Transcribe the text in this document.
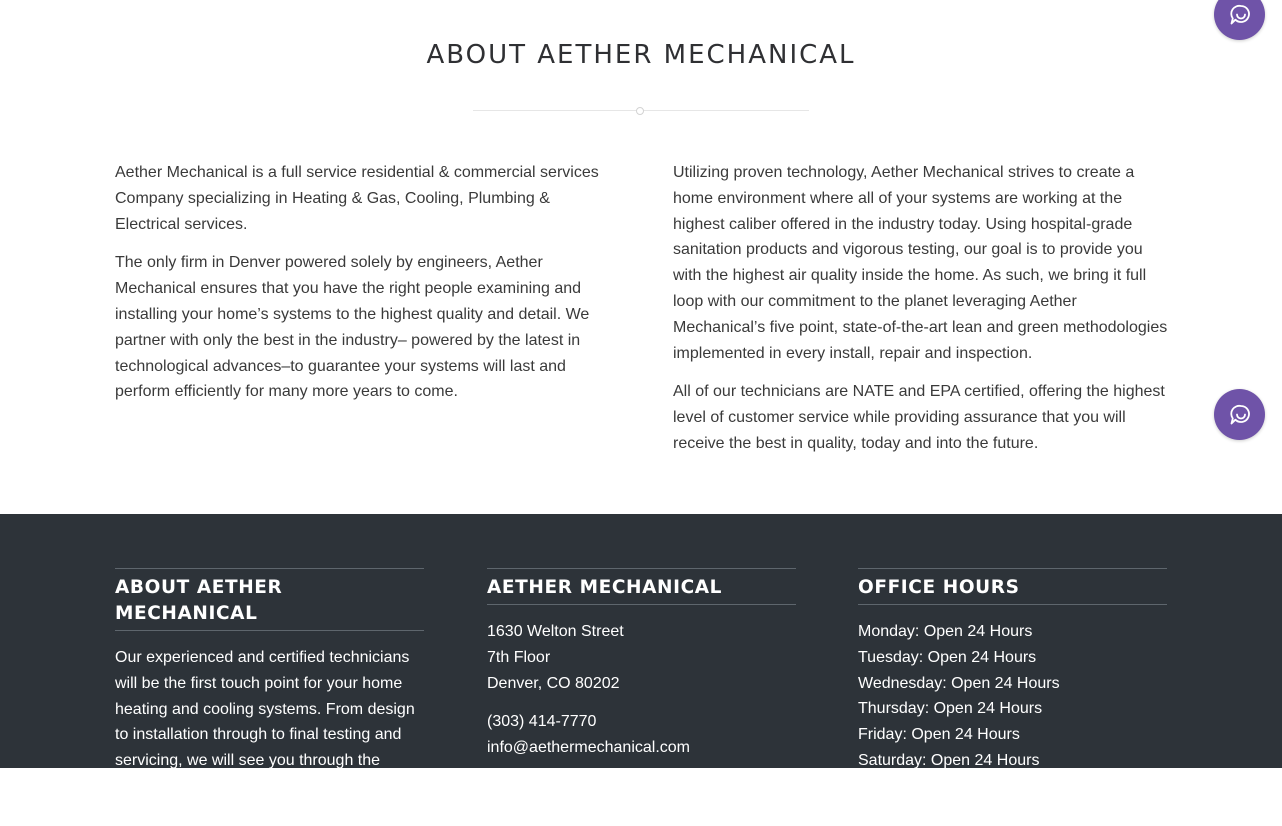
ABOUT AETHER MECHANICAL

Aether Mechanical is a full service residential & commercial services Company specializing in Heating & Gas, Cooling, Plumbing & Electrical services.

The only firm in Denver powered solely by engineers, Aether Mechanical ensures that you have the right people examining and installing your home’s systems to the highest quality and detail. We partner with only the best in the industry– powered by the latest in technological advances–to guarantee your systems will last and perform efficiently for many more years to come.

Utilizing proven technology, Aether Mechanical strives to create a home environment where all of your systems are working at the highest caliber offered in the industry today. Using hospital-grade sanitation products and vigorous testing, our goal is to provide you with the highest air quality inside the home. As such, we bring it full loop with our commitment to the planet leveraging Aether Mechanical’s five point, state-of-the-art lean and green methodologies implemented in every install, repair and inspection.

All of our technicians are NATE and EPA certified, offering the highest level of customer service while providing assurance that you will receive the best in quality, today and into the future.

ABOUT AETHER MECHANICAL

Our experienced and certified technicians
will be the first touch point for your home
heating and cooling systems. From design
to installation through to final testing and
servicing, we will see you through the entire
process to ensure the highest level of

AETHER MECHANICAL

1630 Welton Street
7th Floor
Denver, CO 80202

(303) 414-7770
info@aethermechanical.com

OFFICE HOURS

Monday: Open 24 Hours
Tuesday: Open 24 Hours
Wednesday: Open 24 Hours
Thursday: Open 24 Hours
Friday: Open 24 Hours
Saturday: Open 24 Hours
